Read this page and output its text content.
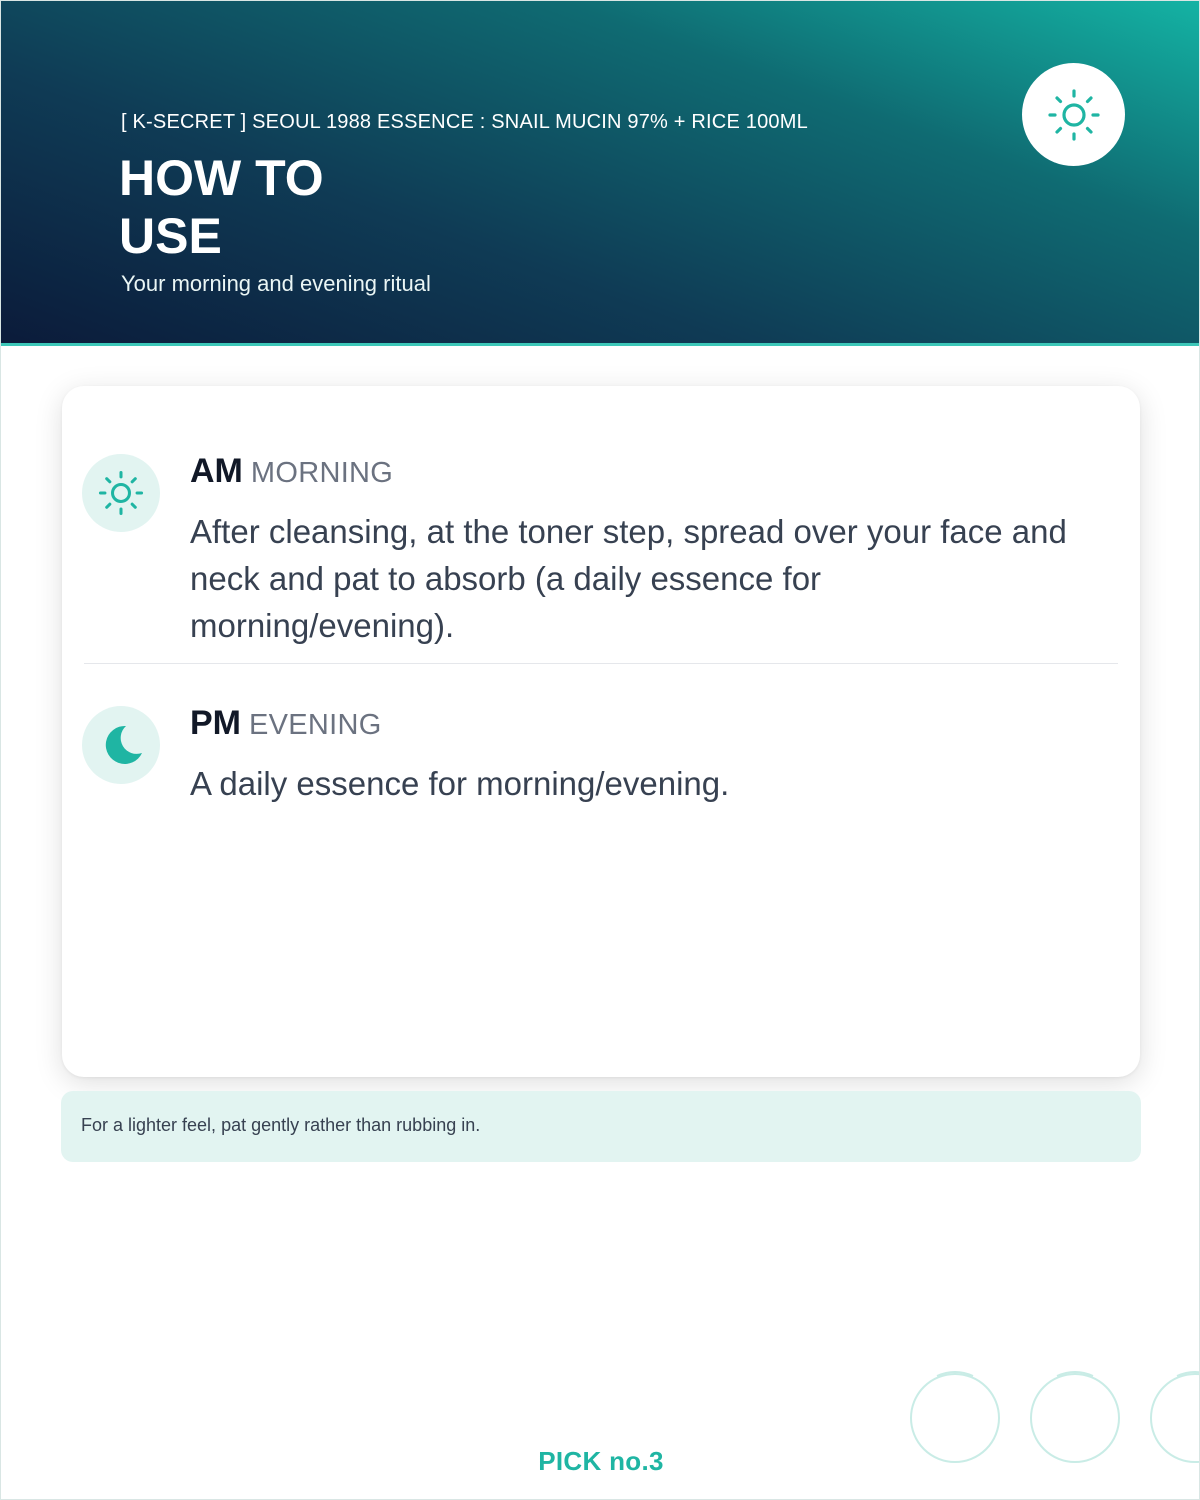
[ K-SECRET ] SEOUL 1988 ESSENCE : SNAIL MUCIN 97% + RICE 100ML
HOW TO
USE
Your morning and evening ritual
AM MORNING
After cleansing, at the toner step, spread over your face and neck and pat to absorb (a daily essence for morning/evening).
PM EVENING
A daily essence for morning/evening.
For a lighter feel, pat gently rather than rubbing in.
PICK no.3
